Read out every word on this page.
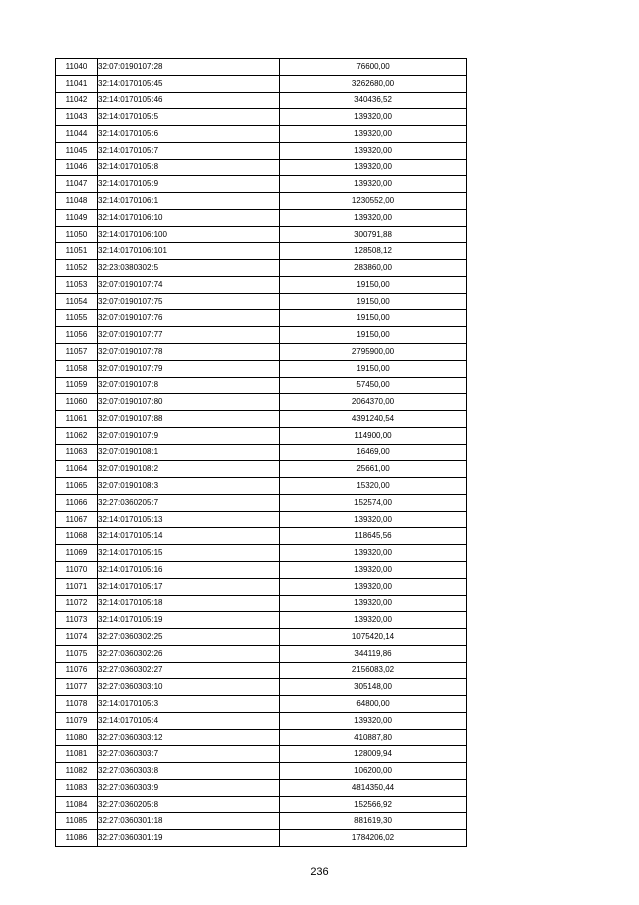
11040	32:07:0190107:28	76600,00
11041	32:14:0170105:45	3262680,00
11042	32:14:0170105:46	340436,52
11043	32:14:0170105:5	139320,00
11044	32:14:0170105:6	139320,00
11045	32:14:0170105:7	139320,00
11046	32:14:0170105:8	139320,00
11047	32:14:0170105:9	139320,00
11048	32:14:0170106:1	1230552,00
11049	32:14:0170106:10	139320,00
11050	32:14:0170106:100	300791,88
11051	32:14:0170106:101	128508,12
11052	32:23:0380302:5	283860,00
11053	32:07:0190107:74	19150,00
11054	32:07:0190107:75	19150,00
11055	32:07:0190107:76	19150,00
11056	32:07:0190107:77	19150,00
11057	32:07:0190107:78	2795900,00
11058	32:07:0190107:79	19150,00
11059	32:07:0190107:8	57450,00
11060	32:07:0190107:80	2064370,00
11061	32:07:0190107:88	4391240,54
11062	32:07:0190107:9	114900,00
11063	32:07:0190108:1	16469,00
11064	32:07:0190108:2	25661,00
11065	32:07:0190108:3	15320,00
11066	32:27:0360205:7	152574,00
11067	32:14:0170105:13	139320,00
11068	32:14:0170105:14	118645,56
11069	32:14:0170105:15	139320,00
11070	32:14:0170105:16	139320,00
11071	32:14:0170105:17	139320,00
11072	32:14:0170105:18	139320,00
11073	32:14:0170105:19	139320,00
11074	32:27:0360302:25	1075420,14
11075	32:27:0360302:26	344119,86
11076	32:27:0360302:27	2156083,02
11077	32:27:0360303:10	305148,00
11078	32:14:0170105:3	64800,00
11079	32:14:0170105:4	139320,00
11080	32:27:0360303:12	410887,80
11081	32:27:0360303:7	128009,94
11082	32:27:0360303:8	106200,00
11083	32:27:0360303:9	4814350,44
11084	32:27:0360205:8	152566,92
11085	32:27:0360301:18	881619,30
11086	32:27:0360301:19	1784206,02
236
